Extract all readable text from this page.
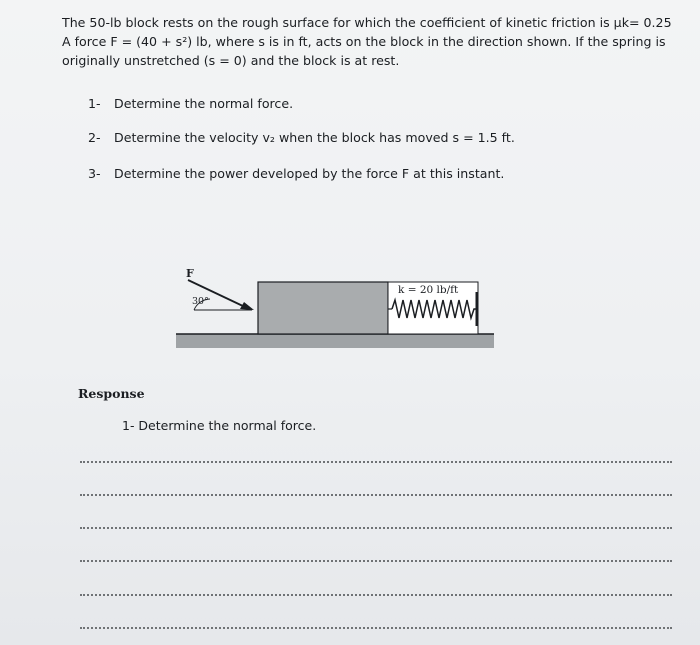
The 50-lb block rests on the rough surface for which the coefficient of kinetic friction is μk= 0.25
A force F = (40 + s²) lb, where s is in ft, acts on the block in the direction shown. If the spring is
originally unstretched (s = 0) and the block is at rest.
1- Determine the normal force.
2- Determine the velocity v₂ when the block has moved s = 1.5 ft.
3- Determine the power developed by the force F at this instant.
k = 20 lb/ft
F
30°
Response
1- Determine the normal force.
